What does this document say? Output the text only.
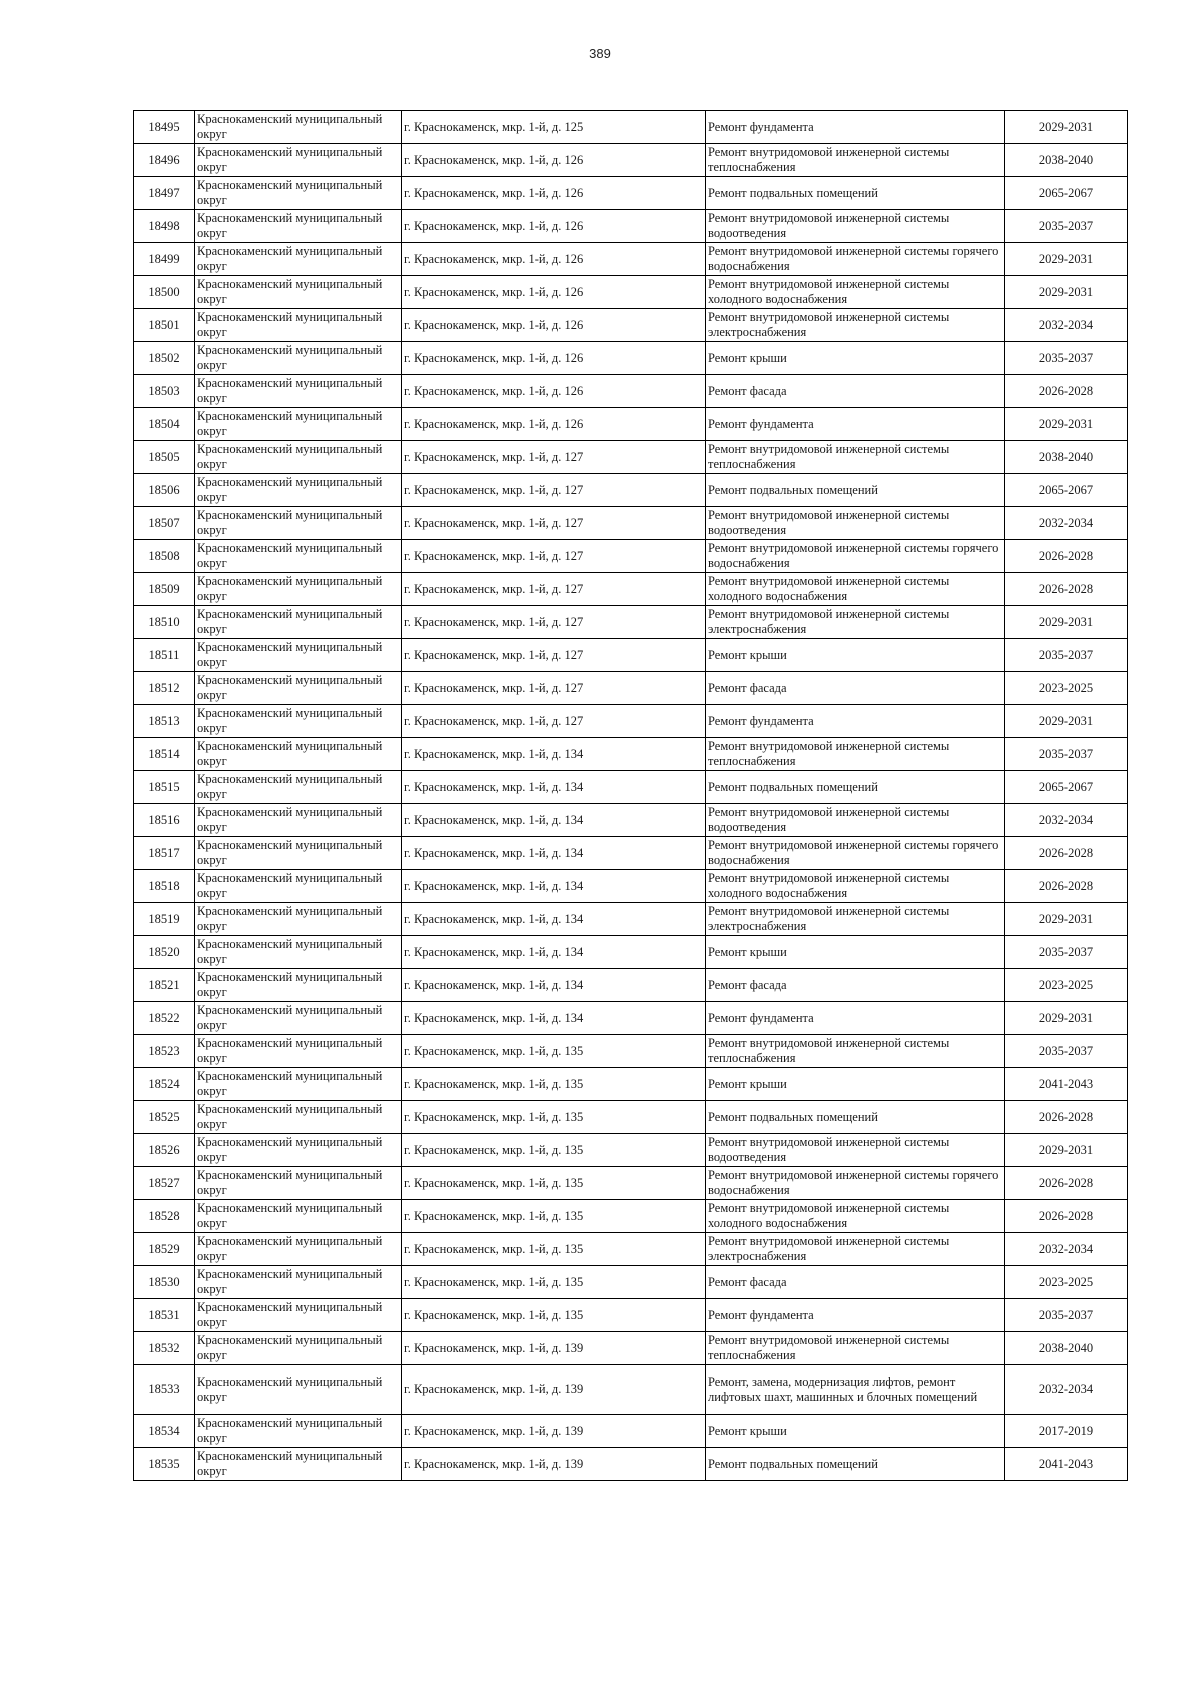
389
18495	Краснокаменский муниципальный округ	г. Краснокаменск, мкр. 1-й, д. 125	Ремонт фундамента	2029-2031
18496	Краснокаменский муниципальный округ	г. Краснокаменск, мкр. 1-й, д. 126	Ремонт внутридомовой инженерной системы теплоснабжения	2038-2040
18497	Краснокаменский муниципальный округ	г. Краснокаменск, мкр. 1-й, д. 126	Ремонт подвальных помещений	2065-2067
18498	Краснокаменский муниципальный округ	г. Краснокаменск, мкр. 1-й, д. 126	Ремонт внутридомовой инженерной системы водоотведения	2035-2037
18499	Краснокаменский муниципальный округ	г. Краснокаменск, мкр. 1-й, д. 126	Ремонт внутридомовой инженерной системы горячего водоснабжения	2029-2031
18500	Краснокаменский муниципальный округ	г. Краснокаменск, мкр. 1-й, д. 126	Ремонт внутридомовой инженерной системы холодного водоснабжения	2029-2031
18501	Краснокаменский муниципальный округ	г. Краснокаменск, мкр. 1-й, д. 126	Ремонт внутридомовой инженерной системы электроснабжения	2032-2034
18502	Краснокаменский муниципальный округ	г. Краснокаменск, мкр. 1-й, д. 126	Ремонт крыши	2035-2037
18503	Краснокаменский муниципальный округ	г. Краснокаменск, мкр. 1-й, д. 126	Ремонт фасада	2026-2028
18504	Краснокаменский муниципальный округ	г. Краснокаменск, мкр. 1-й, д. 126	Ремонт фундамента	2029-2031
18505	Краснокаменский муниципальный округ	г. Краснокаменск, мкр. 1-й, д. 127	Ремонт внутридомовой инженерной системы теплоснабжения	2038-2040
18506	Краснокаменский муниципальный округ	г. Краснокаменск, мкр. 1-й, д. 127	Ремонт подвальных помещений	2065-2067
18507	Краснокаменский муниципальный округ	г. Краснокаменск, мкр. 1-й, д. 127	Ремонт внутридомовой инженерной системы водоотведения	2032-2034
18508	Краснокаменский муниципальный округ	г. Краснокаменск, мкр. 1-й, д. 127	Ремонт внутридомовой инженерной системы горячего водоснабжения	2026-2028
18509	Краснокаменский муниципальный округ	г. Краснокаменск, мкр. 1-й, д. 127	Ремонт внутридомовой инженерной системы холодного водоснабжения	2026-2028
18510	Краснокаменский муниципальный округ	г. Краснокаменск, мкр. 1-й, д. 127	Ремонт внутридомовой инженерной системы электроснабжения	2029-2031
18511	Краснокаменский муниципальный округ	г. Краснокаменск, мкр. 1-й, д. 127	Ремонт крыши	2035-2037
18512	Краснокаменский муниципальный округ	г. Краснокаменск, мкр. 1-й, д. 127	Ремонт фасада	2023-2025
18513	Краснокаменский муниципальный округ	г. Краснокаменск, мкр. 1-й, д. 127	Ремонт фундамента	2029-2031
18514	Краснокаменский муниципальный округ	г. Краснокаменск, мкр. 1-й, д. 134	Ремонт внутридомовой инженерной системы теплоснабжения	2035-2037
18515	Краснокаменский муниципальный округ	г. Краснокаменск, мкр. 1-й, д. 134	Ремонт подвальных помещений	2065-2067
18516	Краснокаменский муниципальный округ	г. Краснокаменск, мкр. 1-й, д. 134	Ремонт внутридомовой инженерной системы водоотведения	2032-2034
18517	Краснокаменский муниципальный округ	г. Краснокаменск, мкр. 1-й, д. 134	Ремонт внутридомовой инженерной системы горячего водоснабжения	2026-2028
18518	Краснокаменский муниципальный округ	г. Краснокаменск, мкр. 1-й, д. 134	Ремонт внутридомовой инженерной системы холодного водоснабжения	2026-2028
18519	Краснокаменский муниципальный округ	г. Краснокаменск, мкр. 1-й, д. 134	Ремонт внутридомовой инженерной системы электроснабжения	2029-2031
18520	Краснокаменский муниципальный округ	г. Краснокаменск, мкр. 1-й, д. 134	Ремонт крыши	2035-2037
18521	Краснокаменский муниципальный округ	г. Краснокаменск, мкр. 1-й, д. 134	Ремонт фасада	2023-2025
18522	Краснокаменский муниципальный округ	г. Краснокаменск, мкр. 1-й, д. 134	Ремонт фундамента	2029-2031
18523	Краснокаменский муниципальный округ	г. Краснокаменск, мкр. 1-й, д. 135	Ремонт внутридомовой инженерной системы теплоснабжения	2035-2037
18524	Краснокаменский муниципальный округ	г. Краснокаменск, мкр. 1-й, д. 135	Ремонт крыши	2041-2043
18525	Краснокаменский муниципальный округ	г. Краснокаменск, мкр. 1-й, д. 135	Ремонт подвальных помещений	2026-2028
18526	Краснокаменский муниципальный округ	г. Краснокаменск, мкр. 1-й, д. 135	Ремонт внутридомовой инженерной системы водоотведения	2029-2031
18527	Краснокаменский муниципальный округ	г. Краснокаменск, мкр. 1-й, д. 135	Ремонт внутридомовой инженерной системы горячего водоснабжения	2026-2028
18528	Краснокаменский муниципальный округ	г. Краснокаменск, мкр. 1-й, д. 135	Ремонт внутридомовой инженерной системы холодного водоснабжения	2026-2028
18529	Краснокаменский муниципальный округ	г. Краснокаменск, мкр. 1-й, д. 135	Ремонт внутридомовой инженерной системы электроснабжения	2032-2034
18530	Краснокаменский муниципальный округ	г. Краснокаменск, мкр. 1-й, д. 135	Ремонт фасада	2023-2025
18531	Краснокаменский муниципальный округ	г. Краснокаменск, мкр. 1-й, д. 135	Ремонт фундамента	2035-2037
18532	Краснокаменский муниципальный округ	г. Краснокаменск, мкр. 1-й, д. 139	Ремонт внутридомовой инженерной системы теплоснабжения	2038-2040
18533	Краснокаменский муниципальный округ	г. Краснокаменск, мкр. 1-й, д. 139	Ремонт, замена, модернизация лифтов, ремонт лифтовых шахт, машинных и блочных помещений	2032-2034
18534	Краснокаменский муниципальный округ	г. Краснокаменск, мкр. 1-й, д. 139	Ремонт крыши	2017-2019
18535	Краснокаменский муниципальный округ	г. Краснокаменск, мкр. 1-й, д. 139	Ремонт подвальных помещений	2041-2043
